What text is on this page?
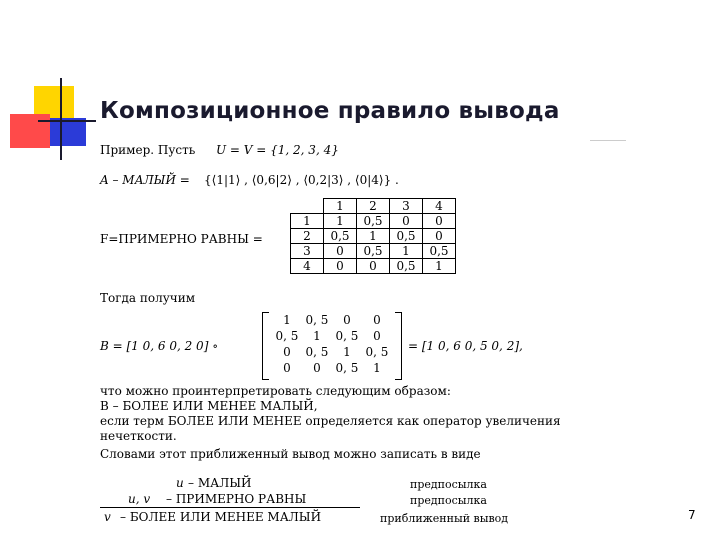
Композиционное правило вывода
Пример. Пусть U = V = {1, 2, 3, 4}
A – МАЛЫЙ = {⟨1|1⟩ , ⟨0,6|2⟩ , ⟨0,2|3⟩ , ⟨0|4⟩} .
F=ПРИМЕРНО РАВНЫ =
	1	2	3	4
1	1	0,5	0	0
2	0,5	1	0,5	0
3	0	0,5	1	0,5
4	0	0	0,5	1
Тогда получим
B = [1 0, 6 0, 2 0] ∘
1	0, 5	0	0
0, 5	1	0, 5	0
0	0, 5	1	0, 5
0	0	0, 5	1
= [1 0, 6 0, 5 0, 2],
что можно проинтерпретировать следующим образом:
B – БОЛЕЕ ИЛИ МЕНЕЕ МАЛЫЙ,
если терм БОЛЕЕ ИЛИ МЕНЕЕ определяется как оператор увеличения
нечеткости.
Словами этот приближенный вывод можно записать в виде
u – МАЛЫЙ	предпосылка
u, v – ПРИМЕРНО РАВНЫ	предпосылка
v – БОЛЕЕ ИЛИ МЕНЕЕ МАЛЫЙ	приближенный вывод	7
